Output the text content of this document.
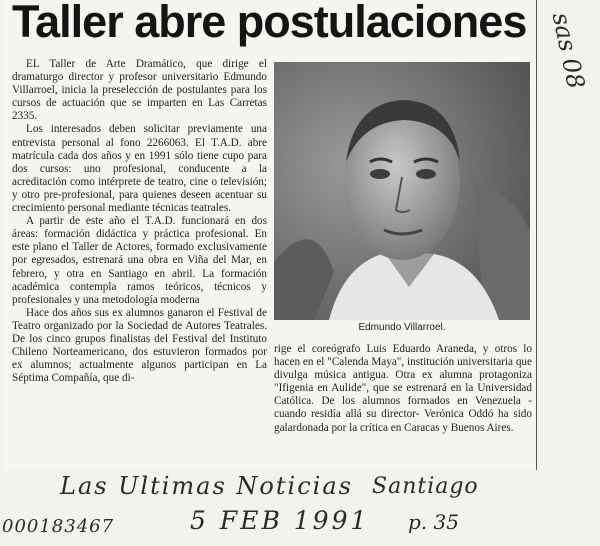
Taller abre postulaciones

EL Taller de Arte Dramático, que dirige el dramaturgo director y profesor universitario Edmundo Villarroel, inicia la preselección de postulantes para los cursos de actuación que se imparten en Las Carretas 2335.

Los interesados deben solicitar previamente una entrevista personal al fono 2266063. El T.A.D. abre matrícula cada dos años y en 1991 sólo tiene cupo para dos cursos: uno profesional, conducente a la acreditación como intérprete de teatro, cine o televisión; y otro pre-profesional, para quienes deseen acentuar su crecimiento personal mediante técnicas teatrales.

A partir de este año el T.A.D. funcionará en dos áreas: formación didáctica y práctica profesional. En este plano el Taller de Actores, formado exclusivamente por egresados, estrenará una obra en Viña del Mar, en febrero, y otra en Santiago en abril. La formación académica contempla ramos teóricos, técnicos y profesionales y una metodología moderna

Hace dos años sus ex alumnos ganaron el Festival de Teatro organizado por la Sociedad de Autores Teatrales. De los cinco grupos finalistas del Festival del Instituto Chileno Norteamericano, dos estuvieron formados por ex alumnos; actualmente algunos participan en La Séptima Compañía, que di-

Edmundo Villarroel.

rige el coreógrafo Luis Eduardo Araneda, y otros lo hacen en el "Calenda Maya", institución universitaria que divulga música antigua. Otra ex alumna protagoniza "Ifigenia en Aulide", que se estrenará en la Universidad Católica. De los alumnos formados en Venezuela -cuando residía allá su director- Verónica Oddó ha sido galardonada por la crítica en Caracas y Buenos Aires.

Las Ultimas Noticias Santiago
000183467	5 FEB 1991 p. 35
sas 08
